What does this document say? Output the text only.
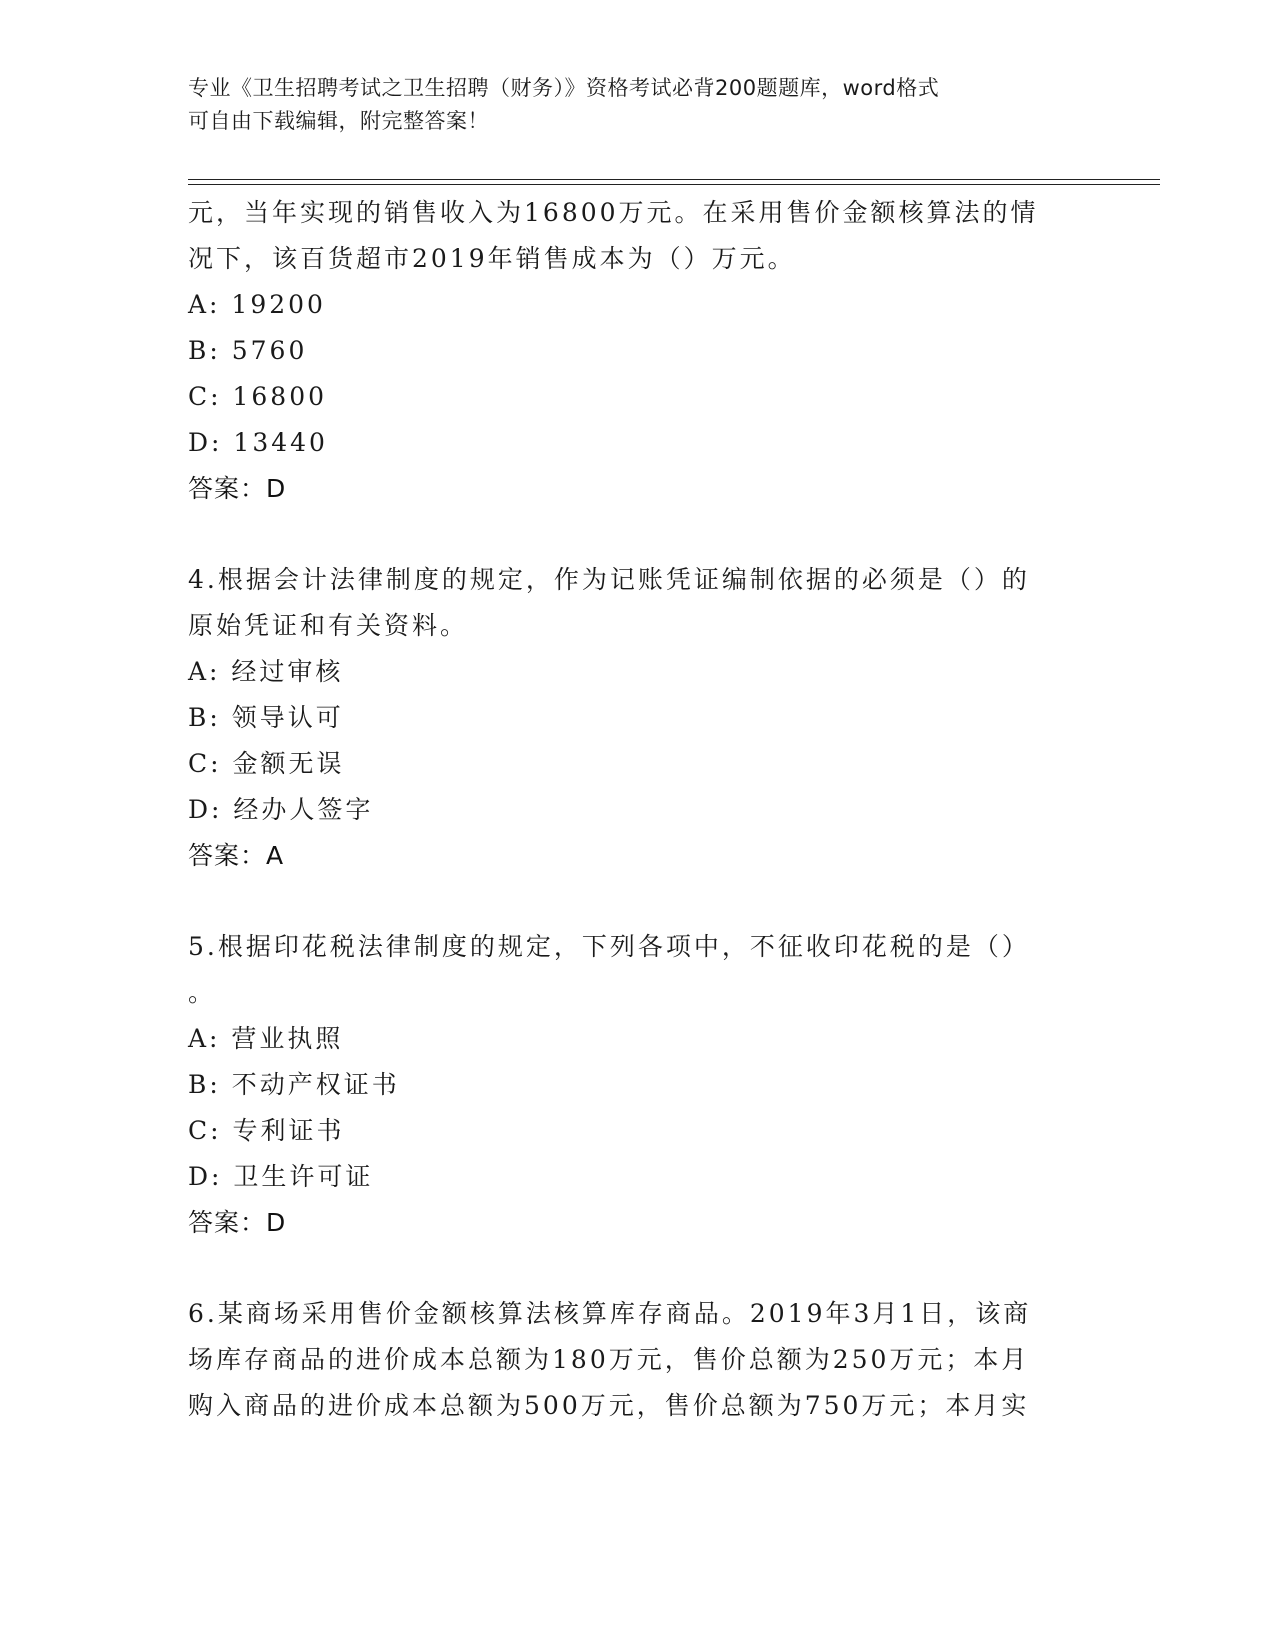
专业《卫生招聘考试之卫生招聘（财务）》资格考试必背200题题库，word格式
可自由下载编辑，附完整答案！
元，当年实现的销售收入为16800万元。在采用售价金额核算法的情
况下，该百货超市2019年销售成本为（）万元。
A: 19200
B: 5760
C: 16800
D: 13440
答案：D
4.根据会计法律制度的规定，作为记账凭证编制依据的必须是（）的
原始凭证和有关资料。
A: 经过审核
B: 领导认可
C: 金额无误
D: 经办人签字
答案：A
5.根据印花税法律制度的规定，下列各项中，不征收印花税的是（）
。
A: 营业执照
B: 不动产权证书
C: 专利证书
D: 卫生许可证
答案：D
6.某商场采用售价金额核算法核算库存商品。2019年3月1日，该商
场库存商品的进价成本总额为180万元，售价总额为250万元；本月
购入商品的进价成本总额为500万元，售价总额为750万元；本月实
